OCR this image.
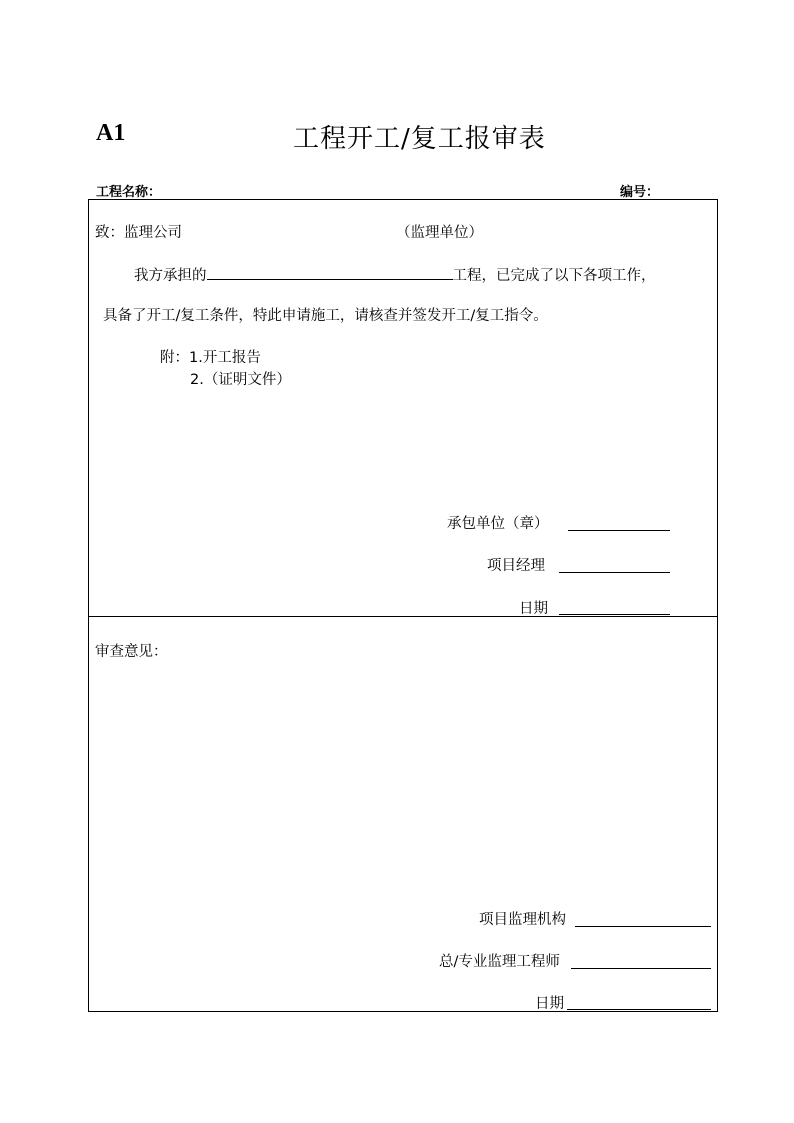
A1	工程开工/复工报审表
工程名称：	编号：
致：监理公司	（监理单位）
我方承担的	工程，已完成了以下各项工作，
具备了开工/复工条件，特此申请施工，请核查并签发开工/复工指令。
附：1.开工报告
2.（证明文件）
承包单位（章）
项目经理
日期
审查意见：
项目监理机构
总/专业监理工程师
日期
